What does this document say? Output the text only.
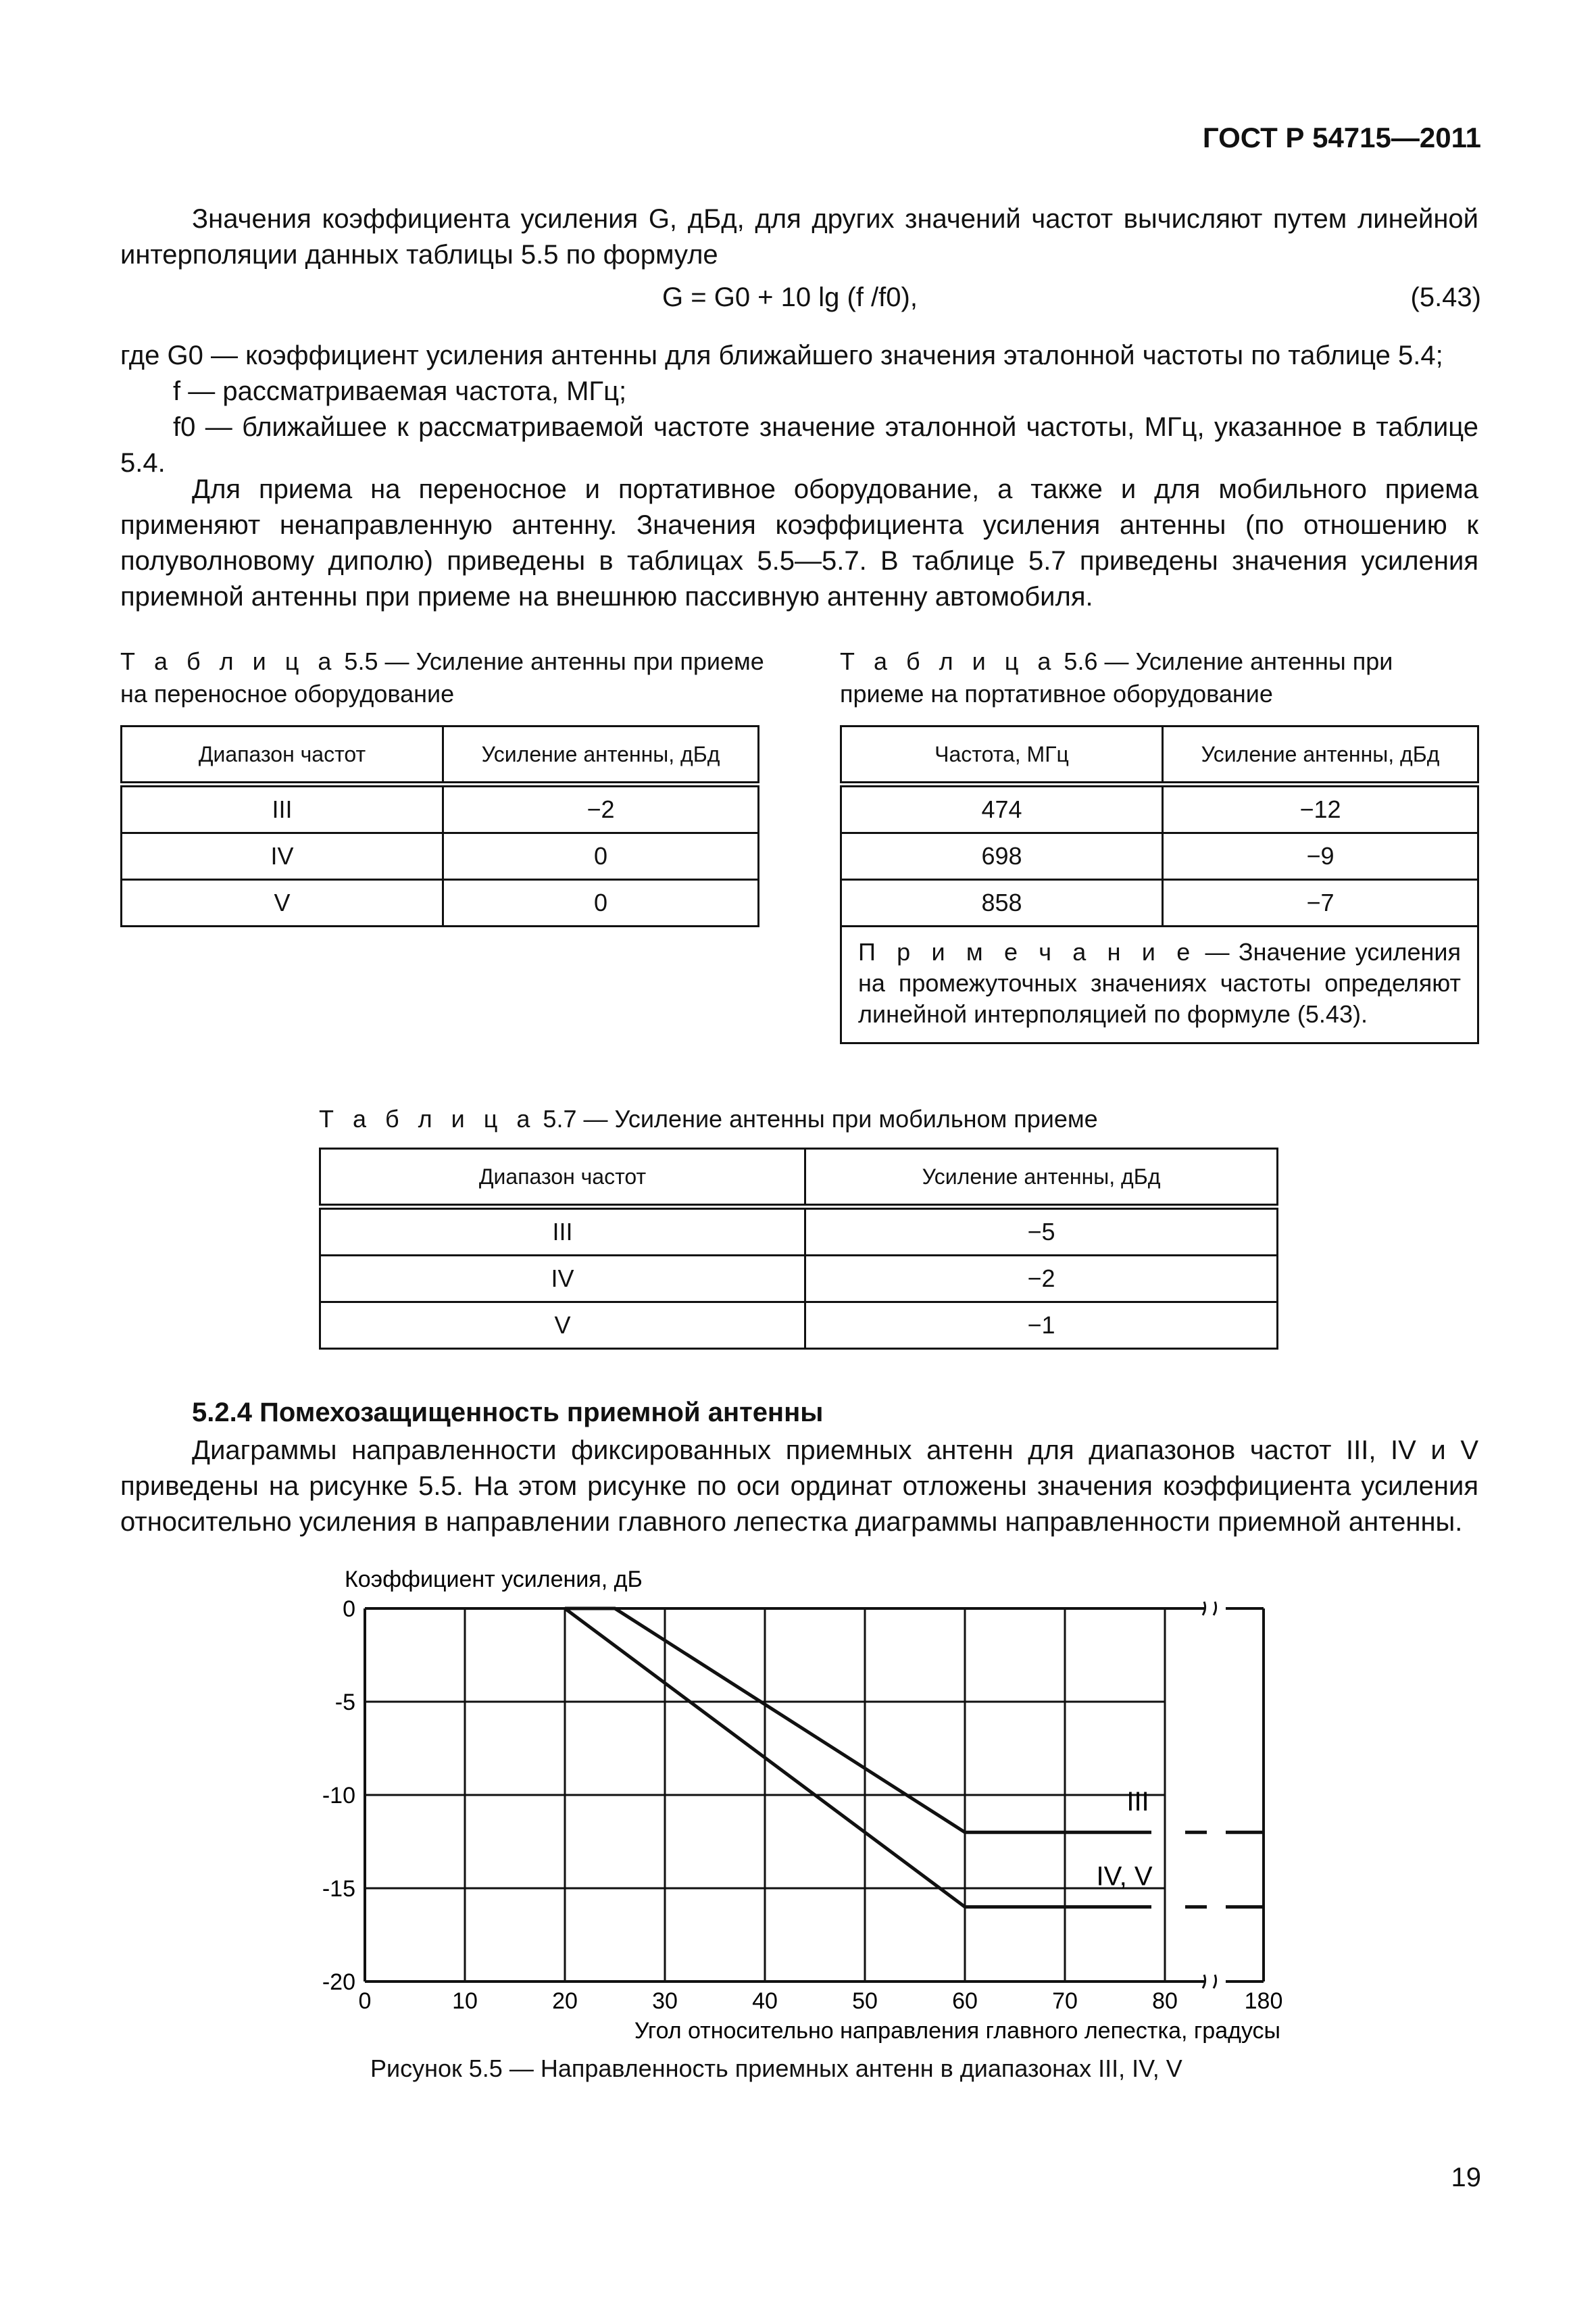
ГОСТ Р 54715—2011
Значения коэффициента усиления G, дБд, для других значений частот вычисляют путем линейной интерполяции данных таблицы 5.5 по формуле
G = G0 + 10 lg (f /f0),	(5.43)
где G0 — коэффициент усиления антенны для ближайшего значения эталонной частоты по таблице 5.4;
f — рассматриваемая частота, МГц;
f0 — ближайшее к рассматриваемой частоте значение эталонной частоты, МГц, указанное в таблице 5.4.
Для приема на переносное и портативное оборудование, а также и для мобильного приема применяют ненаправленную антенну. Значения коэффициента усиления антенны (по отношению к полуволновому диполю) приведены в таблицах 5.5—5.7. В таблице 5.7 приведены значения усиления приемной антенны при приеме на внешнюю пассивную антенну автомобиля.
Т а б л и ц а 5.5 — Усиление антенны при приеме на переносное оборудование
Диапазон частот	Усиление антенны, дБд
III	−2
IV	0
V	0
Т а б л и ц а 5.6 — Усиление антенны при приеме на портативное оборудование
Частота, МГц	Усиление антенны, дБд
474	−12
698	−9
858	−7
П р и м е ч а н и е — Значение усиления на промежуточных значениях частоты определяют линейной интерполяцией по формуле (5.43).	
Т а б л и ц а 5.7 — Усиление антенны при мобильном приеме
Диапазон частот	Усиление антенны, дБд
III	−5
IV	−2
V	−1
5.2.4 Помехозащищенность приемной антенны
Диаграммы направленности фиксированных приемных антенн для диапазонов частот III, IV и V приведены на рисунке 5.5. На этом рисунке по оси ординат отложены значения коэффициента усиления относительно усиления в направлении главного лепестка диаграммы направленности приемной антенны.
III
IV, V
0
-5
-10
-15
-20
0	10	20	30	40	50	60	70	80	180
Коэффициент усиления, дБ
Угол относительно направления главного лепестка, градусы
Рисунок 5.5 — Направленность приемных антенн в диапазонах III, IV, V
19
